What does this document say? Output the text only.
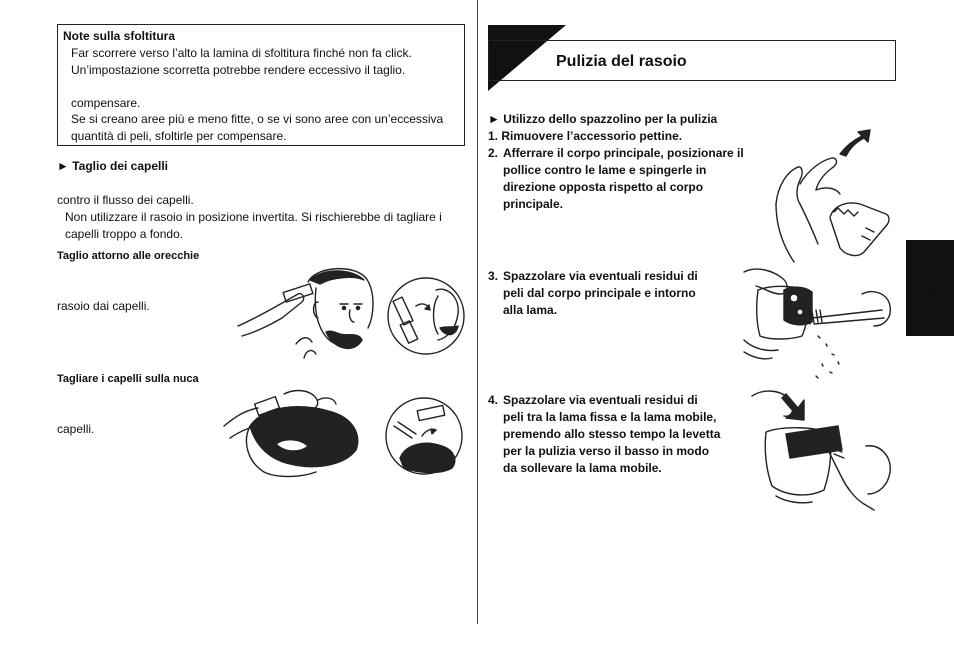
Note sulla sfoltitura
Far scorrere verso l’alto la lamina di sfoltitura finché non fa click.
Un’impostazione scorretta potrebbe rendere eccessivo il taglio.
compensare.
Se si creano aree più e meno fitte, o se vi sono aree con un’eccessiva
quantità di peli, sfoltirle per compensare.
► Taglio dei capelli
contro il flusso dei capelli.
Non utilizzare il rasoio in posizione invertita. Si rischierebbe di tagliare i
capelli troppo a fondo.
Taglio attorno alle orecchie
rasoio dai capelli.
Tagliare i capelli sulla nuca
capelli.
Pulizia del rasoio
► Utilizzo dello spazzolino per la pulizia
1. Rimuovere l’accessorio pettine.
2. Afferrare il corpo principale, posizionare il
pollice contro le lame e spingerle in
direzione opposta rispetto al corpo
principale.
3. Spazzolare via eventuali residui di
peli dal corpo principale e intorno
alla lama.
4. Spazzolare via eventuali residui di
peli tra la lama fissa e la lama mobile,
premendo allo stesso tempo la levetta
per la pulizia verso il basso in modo
da sollevare la lama mobile.
Italiano
